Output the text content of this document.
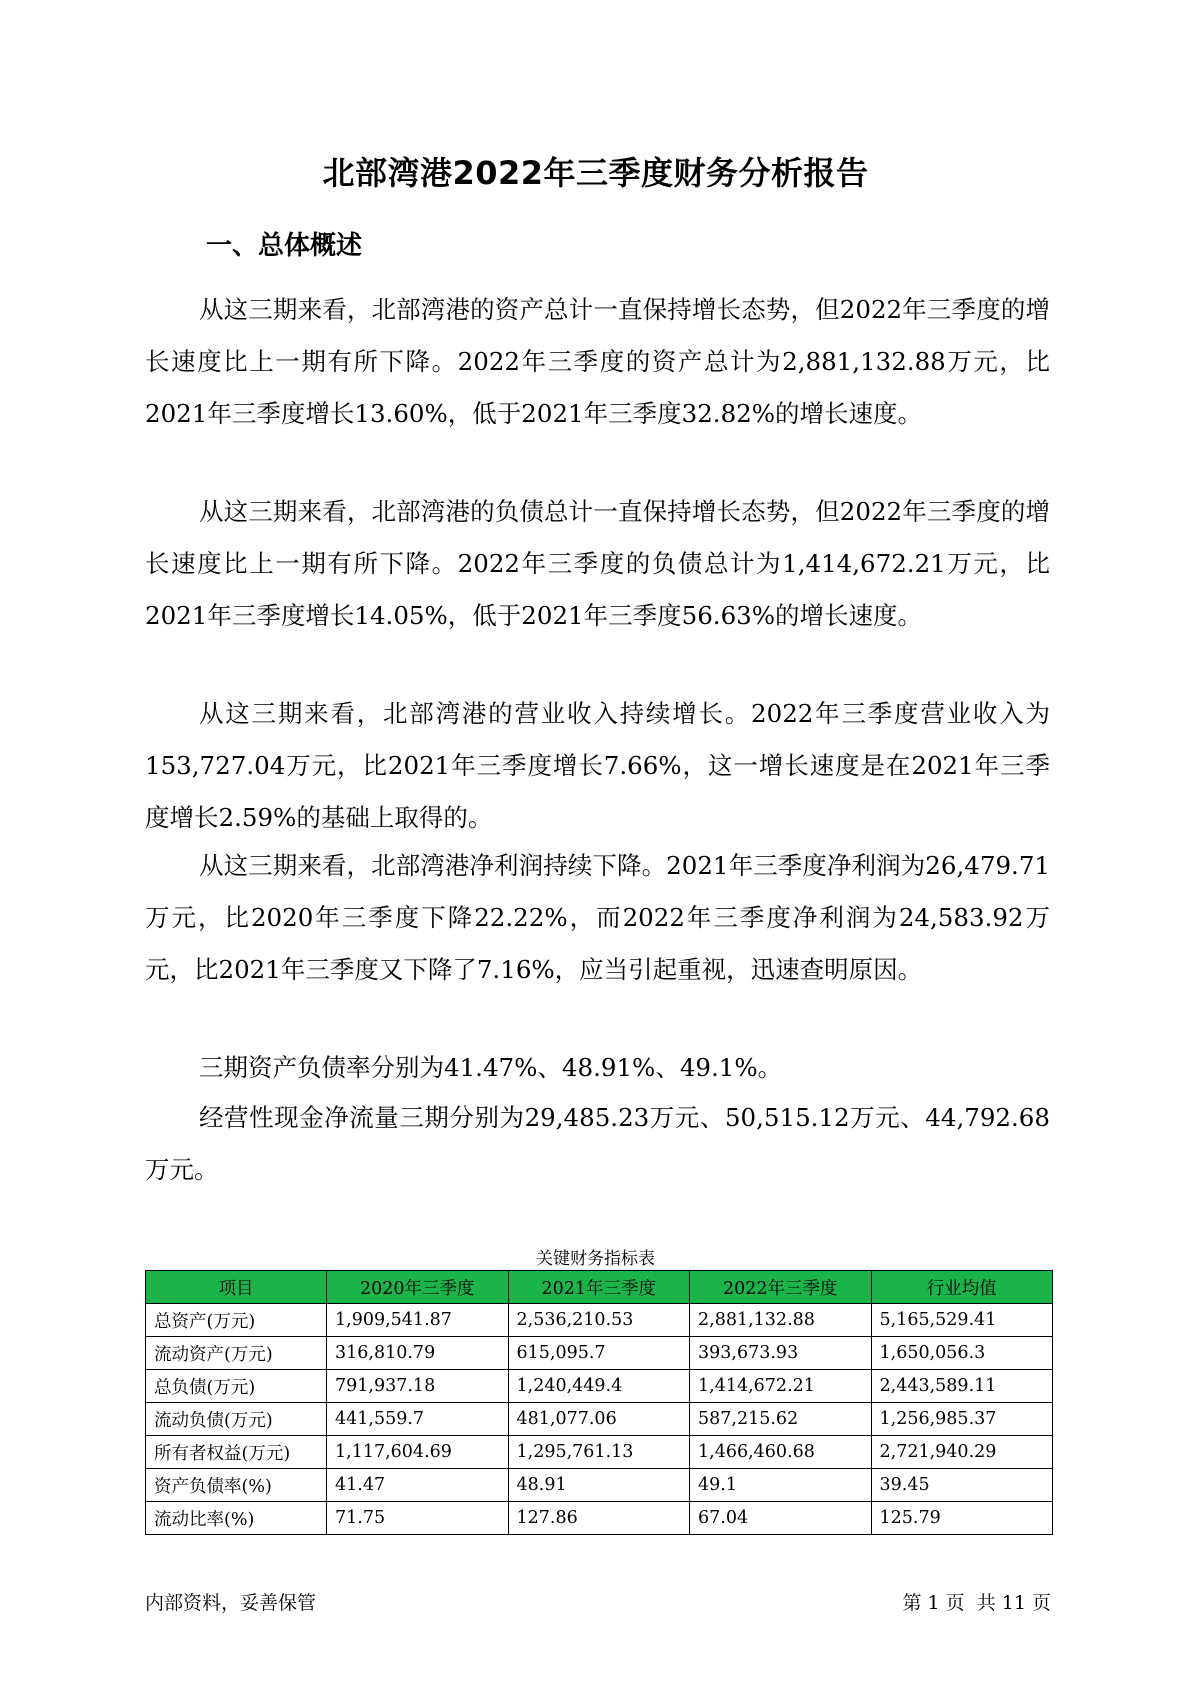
北部湾港2022年三季度财务分析报告
一、总体概述

从这三期来看，北部湾港的资产总计一直保持增长态势，但2022年三季度的增长速度比上一期有所下降。2022年三季度的资产总计为2,881,132.88万元，比2021年三季度增长13.60%，低于2021年三季度32.82%的增长速度。

从这三期来看，北部湾港的负债总计一直保持增长态势，但2022年三季度的增长速度比上一期有所下降。2022年三季度的负债总计为1,414,672.21万元，比2021年三季度增长14.05%，低于2021年三季度56.63%的增长速度。

从这三期来看，北部湾港的营业收入持续增长。2022年三季度营业收入为153,727.04万元，比2021年三季度增长7.66%，这一增长速度是在2021年三季度增长2.59%的基础上取得的。

从这三期来看，北部湾港净利润持续下降。2021年三季度净利润为26,479.71万元，比2020年三季度下降22.22%，而2022年三季度净利润为24,583.92万元，比2021年三季度又下降了7.16%，应当引起重视，迅速查明原因。

三期资产负债率分别为41.47%、48.91%、49.1%。

经营性现金净流量三期分别为29,485.23万元、50,515.12万元、44,792.68万元。

关键财务指标表
项目	2020年三季度	2021年三季度	2022年三季度	行业均值
总资产(万元)	1,909,541.87	2,536,210.53	2,881,132.88	5,165,529.41
流动资产(万元)	316,810.79	615,095.7	393,673.93	1,650,056.3
总负债(万元)	791,937.18	1,240,449.4	1,414,672.21	2,443,589.11
流动负债(万元)	441,559.7	481,077.06	587,215.62	1,256,985.37
所有者权益(万元)	1,117,604.69	1,295,761.13	1,466,460.68	2,721,940.29
资产负债率(%)	41.47	48.91	49.1	39.45
流动比率(%)	71.75	127.86	67.04	125.79
内部资料，妥善保管	第 1 页  共 11 页
